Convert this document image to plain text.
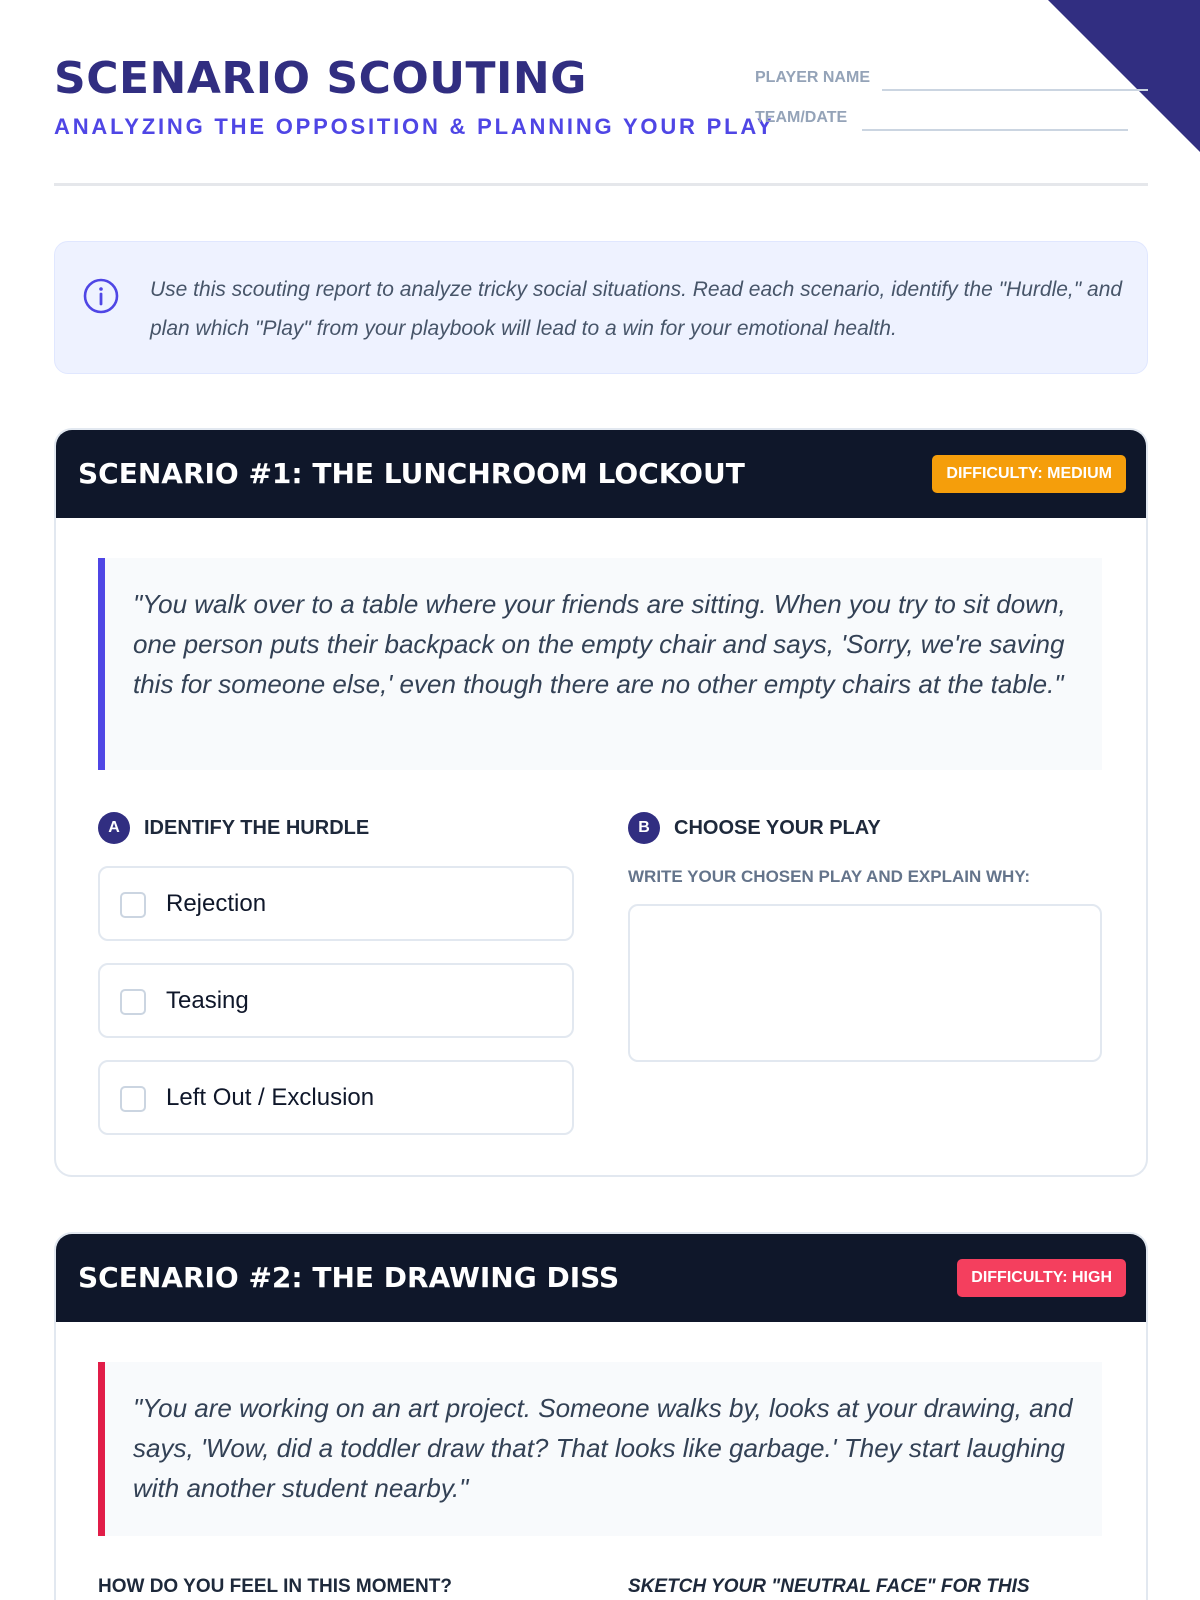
SCENARIO SCOUTING
ANALYZING THE OPPOSITION & PLANNING YOUR PLAY
PLAYER NAME
TEAM/DATE
Use this scouting report to analyze tricky social situations. Read each scenario, identify the "Hurdle," and plan which "Play" from your playbook will lead to a win for your emotional health.
SCENARIO #1: THE LUNCHROOM LOCKOUT	DIFFICULTY: MEDIUM
"You walk over to a table where your friends are sitting. When you try to sit down, one person puts their backpack on the empty chair and says, 'Sorry, we're saving this for someone else,' even though there are no other empty chairs at the table."
A IDENTIFY THE HURDLE	B CHOOSE YOUR PLAY
Rejection
Teasing
Left Out / Exclusion
WRITE YOUR CHOSEN PLAY AND EXPLAIN WHY:
SCENARIO #2: THE DRAWING DISS	DIFFICULTY: HIGH
"You are working on an art project. Someone walks by, looks at your drawing, and says, 'Wow, did a toddler draw that? That looks like garbage.' They start laughing with another student nearby."
HOW DO YOU FEEL IN THIS MOMENT?	SKETCH YOUR "NEUTRAL FACE" FOR THIS
